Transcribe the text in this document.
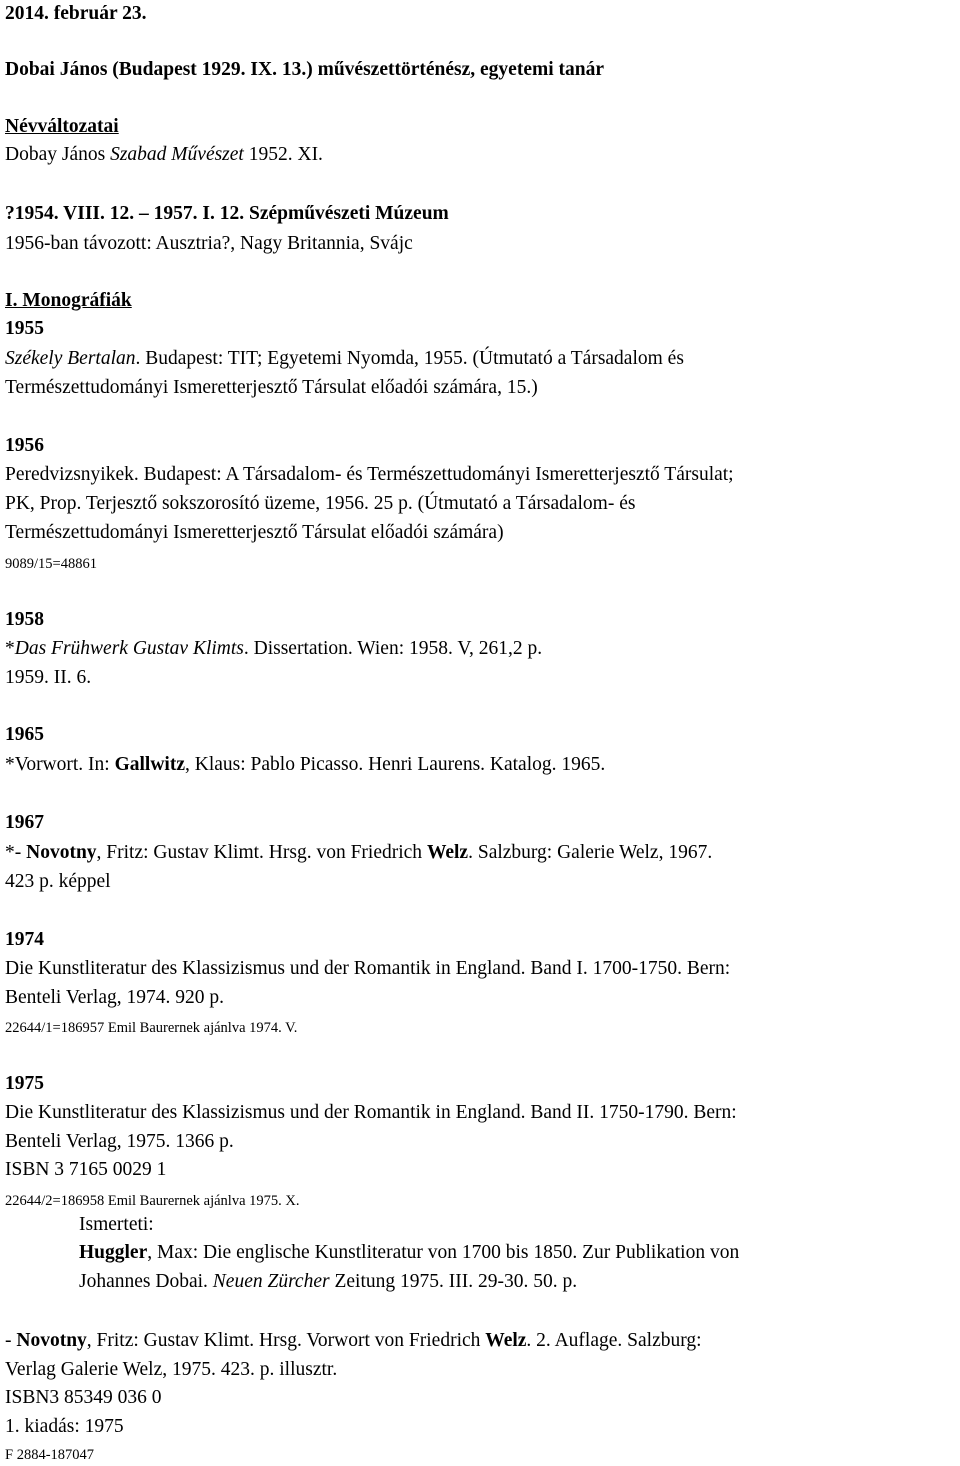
2014. február 23.
Dobai János (Budapest 1929. IX. 13.) művészettörténész, egyetemi tanár
Névváltozatai
Dobay János Szabad Művészet 1952. XI.
?1954. VIII. 12. – 1957. I. 12. Szépművészeti Múzeum
1956-ban távozott: Ausztria?, Nagy Britannia, Svájc
I. Monográfiák
1955
Székely Bertalan. Budapest: TIT; Egyetemi Nyomda, 1955. (Útmutató a Társadalom és
Természettudományi Ismeretterjesztő Társulat előadói számára, 15.)
1956
Peredvizsnyikek. Budapest: A Társadalom- és Természettudományi Ismeretterjesztő Társulat;
PK, Prop. Terjesztő sokszorosító üzeme, 1956. 25 p. (Útmutató a Társadalom- és
Természettudományi Ismeretterjesztő Társulat előadói számára)
9089/15=48861
1958
*Das Frühwerk Gustav Klimts. Dissertation. Wien: 1958. V, 261,2 p.
1959. II. 6.
1965
*Vorwort. In: Gallwitz, Klaus: Pablo Picasso. Henri Laurens. Katalog. 1965.
1967
*- Novotny, Fritz: Gustav Klimt. Hrsg. von Friedrich Welz. Salzburg: Galerie Welz, 1967.
423 p. képpel
1974
Die Kunstliteratur des Klassizismus und der Romantik in England. Band I. 1700-1750. Bern:
Benteli Verlag, 1974. 920 p.
22644/1=186957 Emil Baurernek ajánlva 1974. V.
1975
Die Kunstliteratur des Klassizismus und der Romantik in England. Band II. 1750-1790. Bern:
Benteli Verlag, 1975. 1366 p.
ISBN 3 7165 0029 1
22644/2=186958 Emil Baurernek ajánlva 1975. X.
Ismerteti:
Huggler, Max: Die englische Kunstliteratur von 1700 bis 1850. Zur Publikation von
Johannes Dobai. Neuen Zürcher Zeitung 1975. III. 29-30. 50. p.
- Novotny, Fritz: Gustav Klimt. Hrsg. Vorwort von Friedrich Welz. 2. Auflage. Salzburg:
Verlag Galerie Welz, 1975. 423. p. illusztr.
ISBN3 85349 036 0
1. kiadás: 1975
F 2884-187047
